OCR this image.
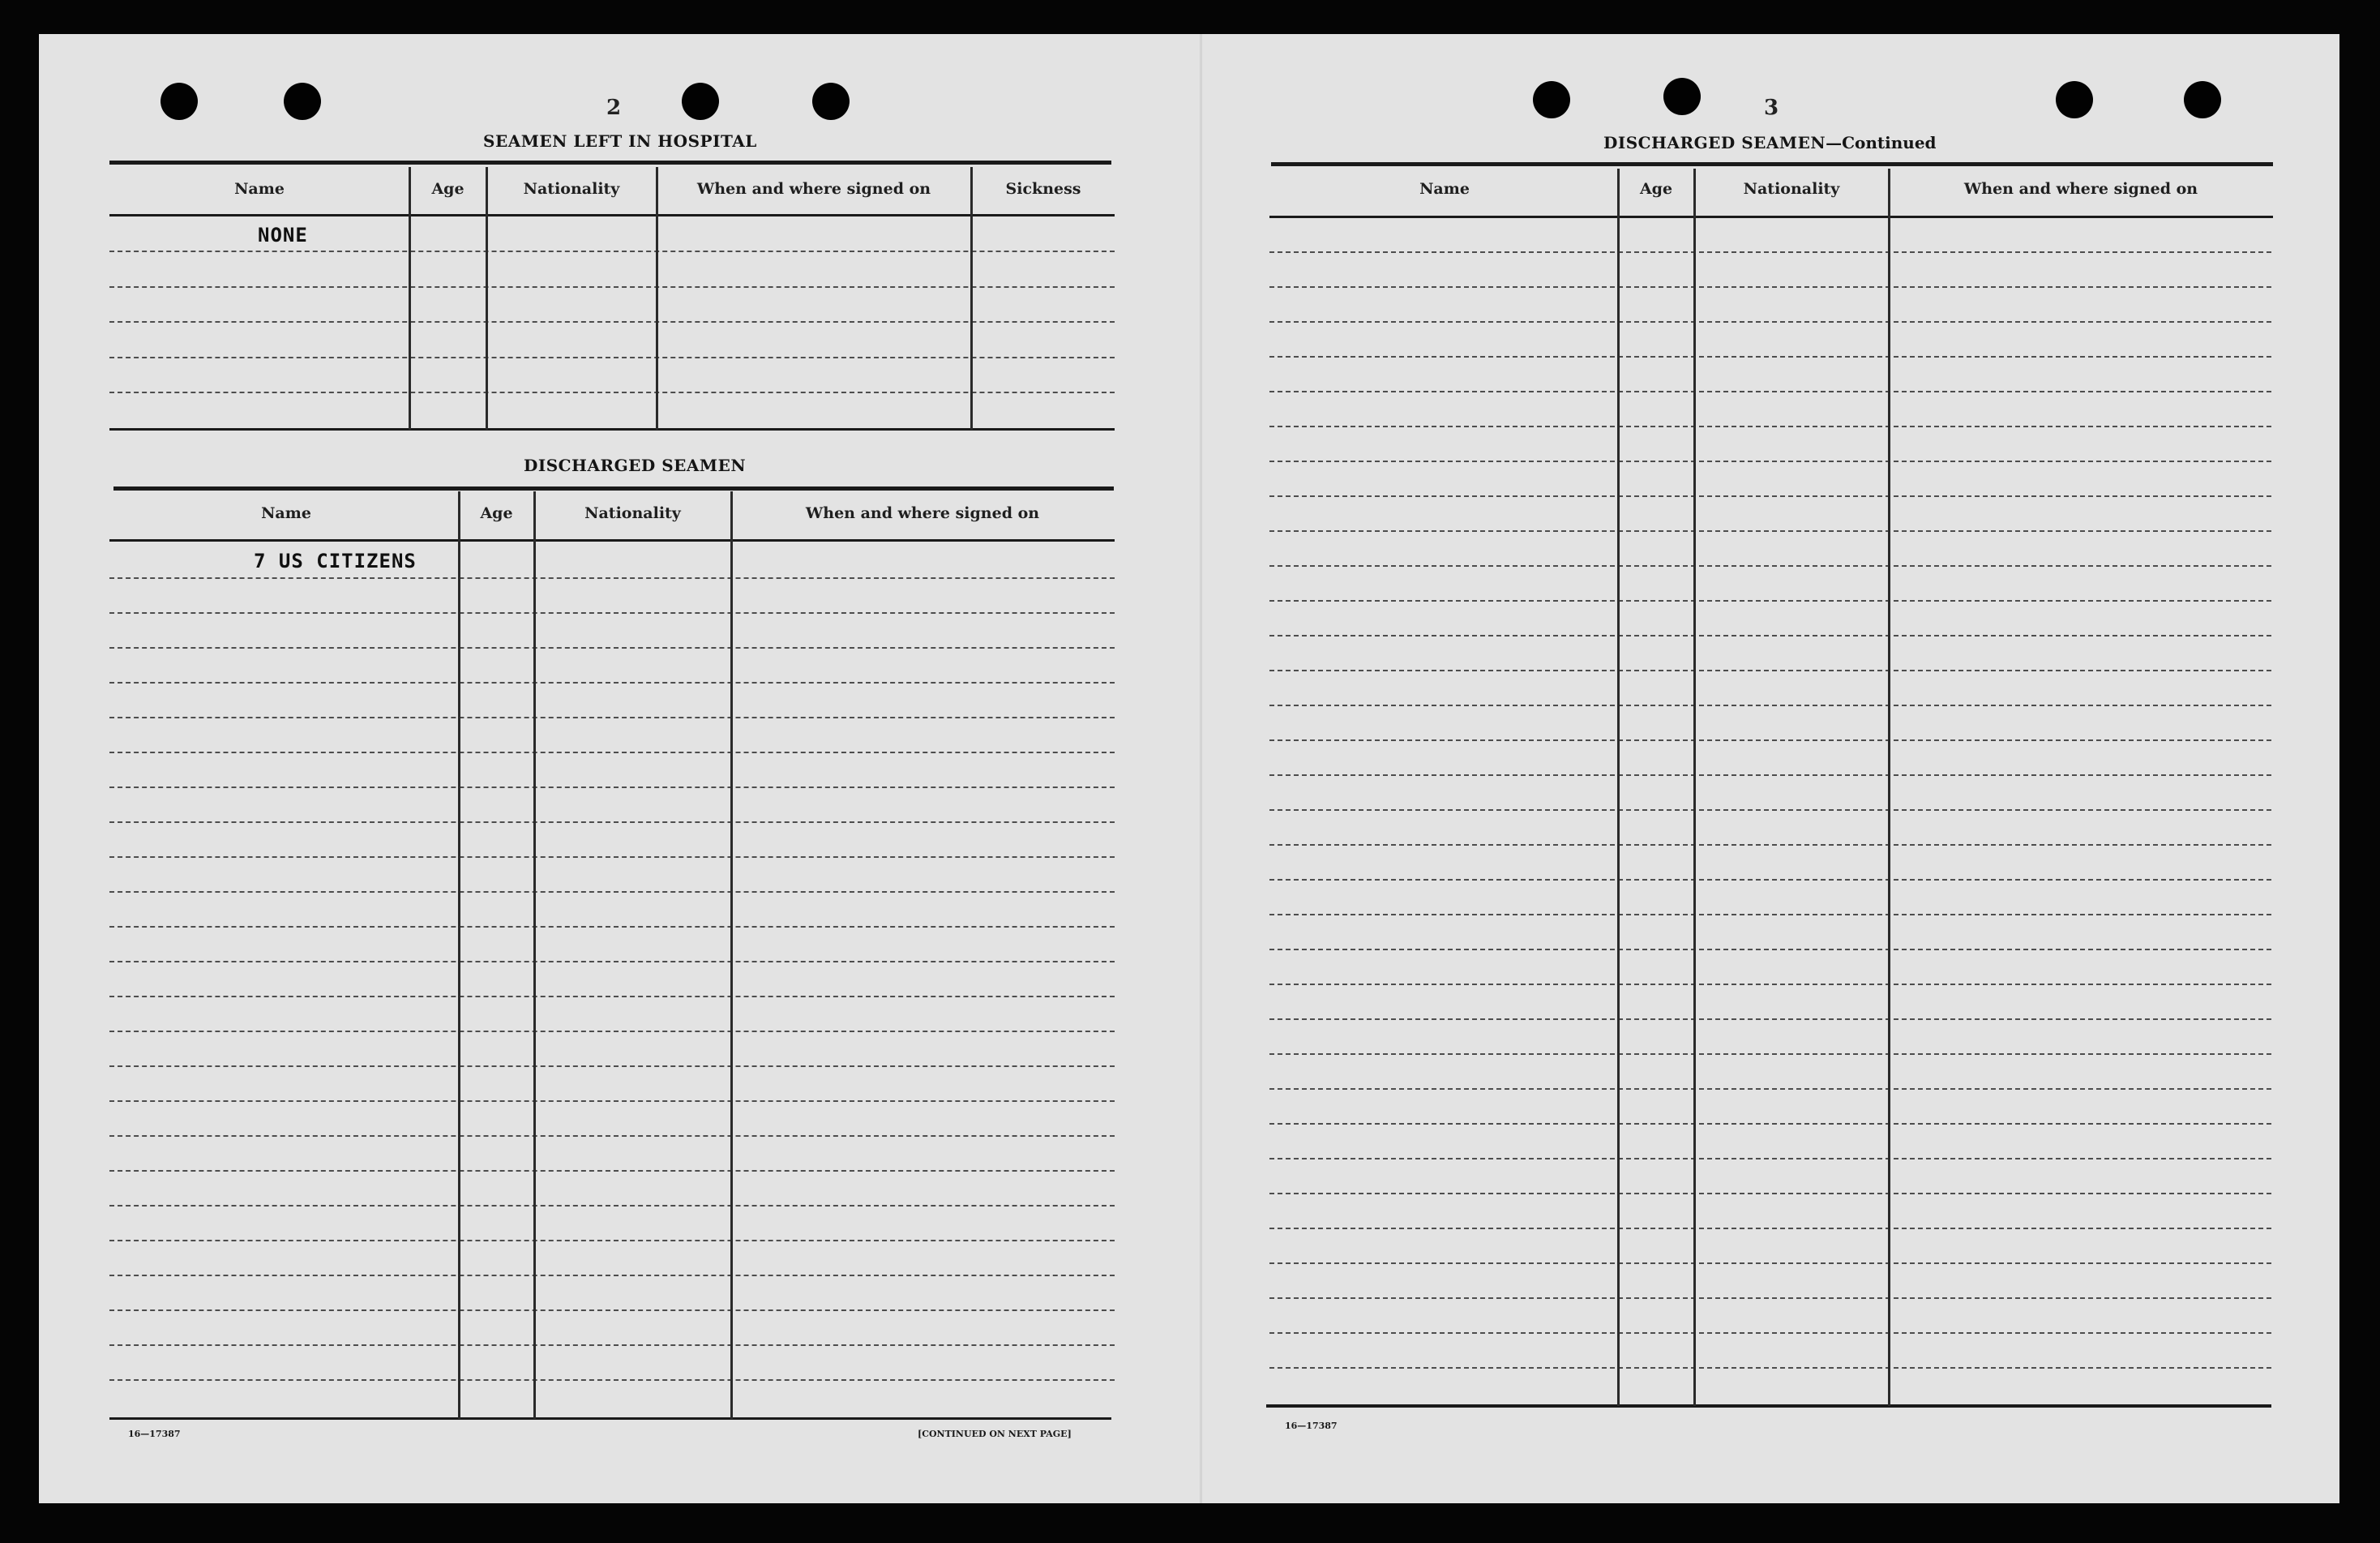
2
SEAMEN LEFT IN HOSPITAL
Name	Age	Nationality	When and where signed on	Sickness
NONE
DISCHARGED SEAMEN
Name	Age	Nationality	When and where signed on
7 US CITIZENS
16—17387	[CONTINUED ON NEXT PAGE]
3
DISCHARGED SEAMEN—Continued
Name	Age	Nationality	When and where signed on
16—17387
